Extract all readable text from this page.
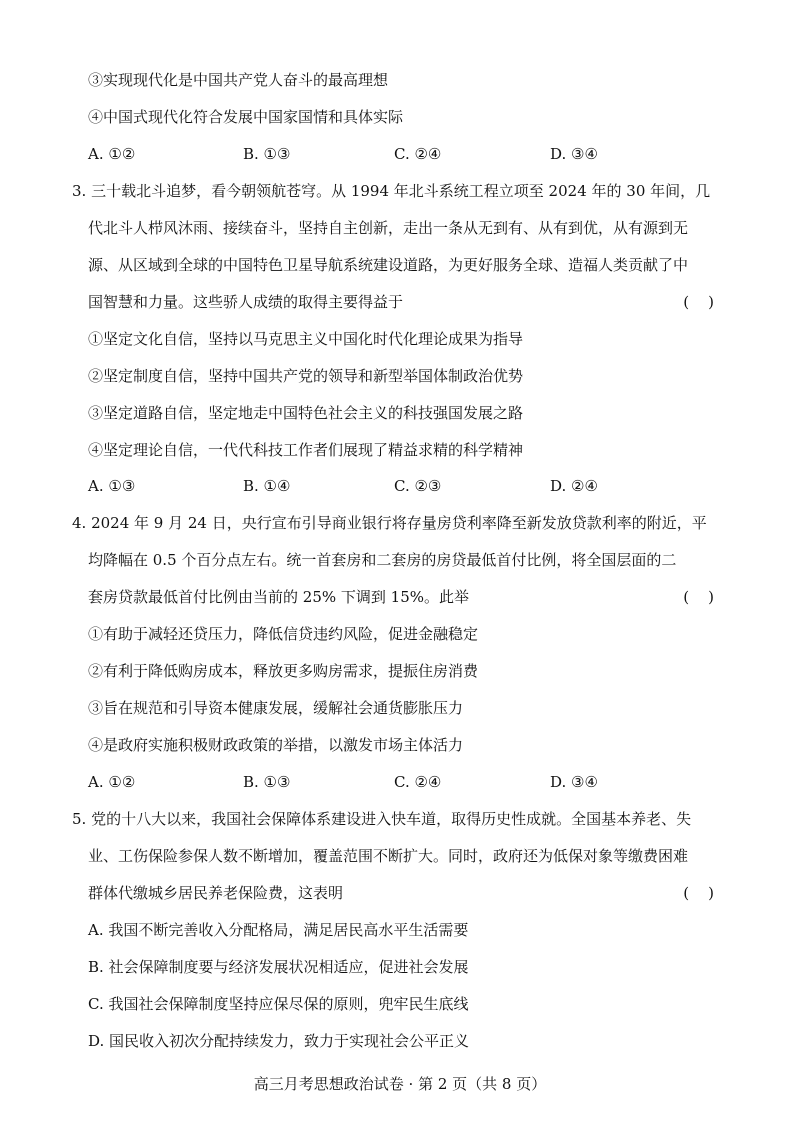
③实现现代化是中国共产党人奋斗的最高理想
④中国式现代化符合发展中国家国情和具体实际
A. ①②	B. ①③	C. ②④	D. ③④
3. 三十载北斗追梦，看今朝领航苍穹。从 1994 年北斗系统工程立项至 2024 年的 30 年间，几
代北斗人栉风沐雨、接续奋斗，坚持自主创新，走出一条从无到有、从有到优，从有源到无
源、从区域到全球的中国特色卫星导航系统建设道路，为更好服务全球、造福人类贡献了中
国智慧和力量。这些骄人成绩的取得主要得益于	(    )
①坚定文化自信，坚持以马克思主义中国化时代化理论成果为指导
②坚定制度自信，坚持中国共产党的领导和新型举国体制政治优势
③坚定道路自信，坚定地走中国特色社会主义的科技强国发展之路
④坚定理论自信，一代代科技工作者们展现了精益求精的科学精神
A. ①③	B. ①④	C. ②③	D. ②④
4. 2024 年 9 月 24 日，央行宣布引导商业银行将存量房贷利率降至新发放贷款利率的附近，平
均降幅在 0.5 个百分点左右。统一首套房和二套房的房贷最低首付比例，将全国层面的二
套房贷款最低首付比例由当前的 25% 下调到 15%。此举	(    )
①有助于减轻还贷压力，降低信贷违约风险，促进金融稳定
②有利于降低购房成本，释放更多购房需求，提振住房消费
③旨在规范和引导资本健康发展，缓解社会通货膨胀压力
④是政府实施积极财政政策的举措，以激发市场主体活力
A. ①②	B. ①③	C. ②④	D. ③④
5. 党的十八大以来，我国社会保障体系建设进入快车道，取得历史性成就。全国基本养老、失
业、工伤保险参保人数不断增加，覆盖范围不断扩大。同时，政府还为低保对象等缴费困难
群体代缴城乡居民养老保险费，这表明	(    )
A. 我国不断完善收入分配格局，满足居民高水平生活需要
B. 社会保障制度要与经济发展状况相适应，促进社会发展
C. 我国社会保障制度坚持应保尽保的原则，兜牢民生底线
D. 国民收入初次分配持续发力，致力于实现社会公平正义
高三月考思想政治试卷 · 第 2 页（共 8 页）
